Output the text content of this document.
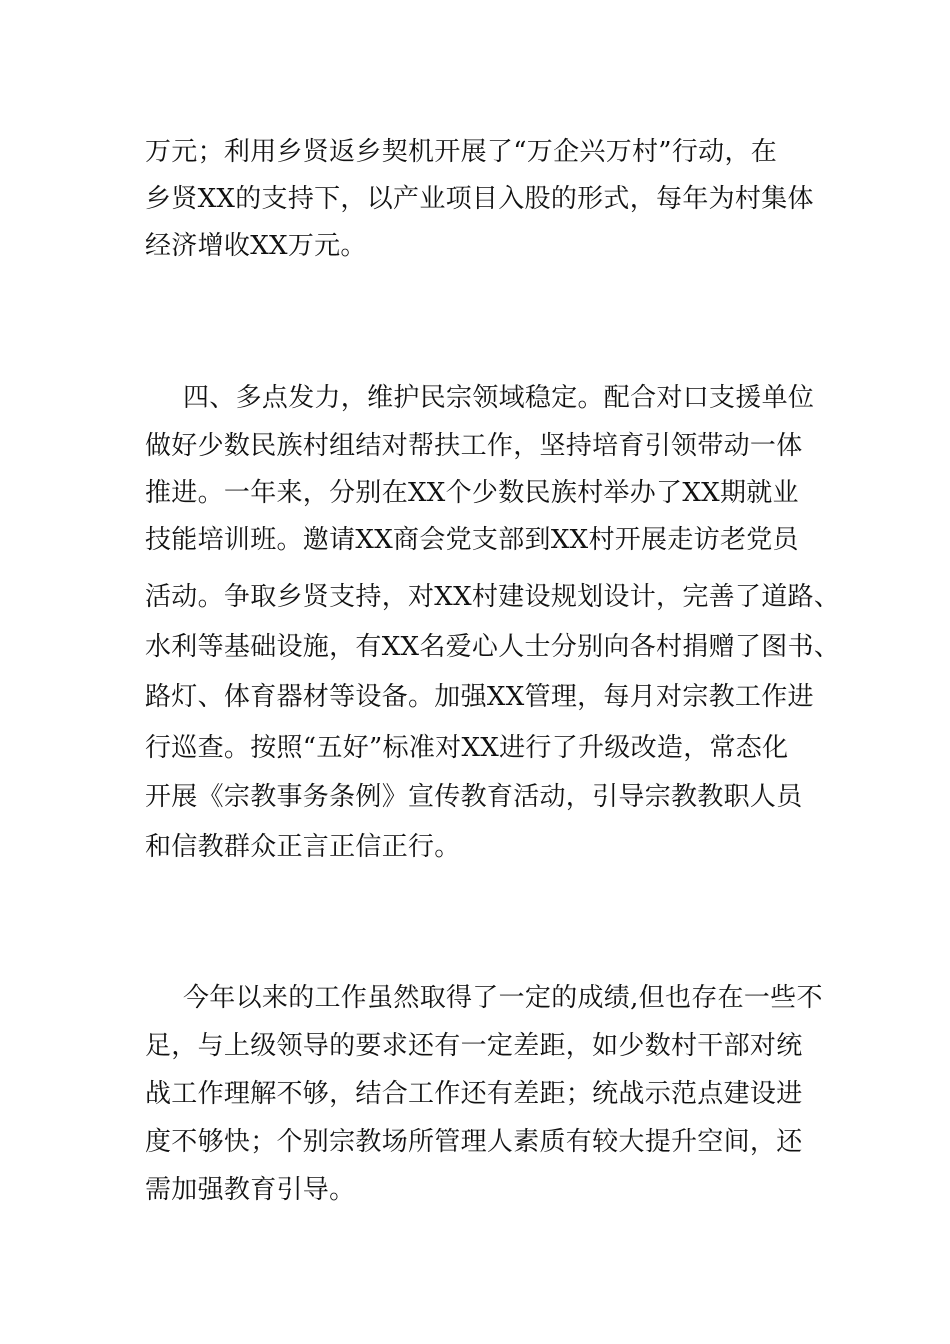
万元；利用乡贤返乡契机开展了“万企兴万村”行动，在

乡贤XX的支持下，以产业项目入股的形式，每年为村集体

经济增收XX万元。

四、多点发力，维护民宗领域稳定。配合对口支援单位

做好少数民族村组结对帮扶工作，坚持培育引领带动一体

推进。一年来，分别在XX个少数民族村举办了XX期就业

技能培训班。邀请XX商会党支部到XX村开展走访老党员

活动。争取乡贤支持，对XX村建设规划设计，完善了道路、

水利等基础设施，有XX名爱心人士分别向各村捐赠了图书、

路灯、体育器材等设备。加强XX管理，每月对宗教工作进

行巡查。按照“五好”标准对XX进行了升级改造，常态化

开展《宗教事务条例》宣传教育活动，引导宗教教职人员

和信教群众正言正信正行。

今年以来的工作虽然取得了一定的成绩,但也存在一些不

足，与上级领导的要求还有一定差距，如少数村干部对统

战工作理解不够，结合工作还有差距；统战示范点建设进

度不够快；个别宗教场所管理人素质有较大提升空间，还

需加强教育引导。
